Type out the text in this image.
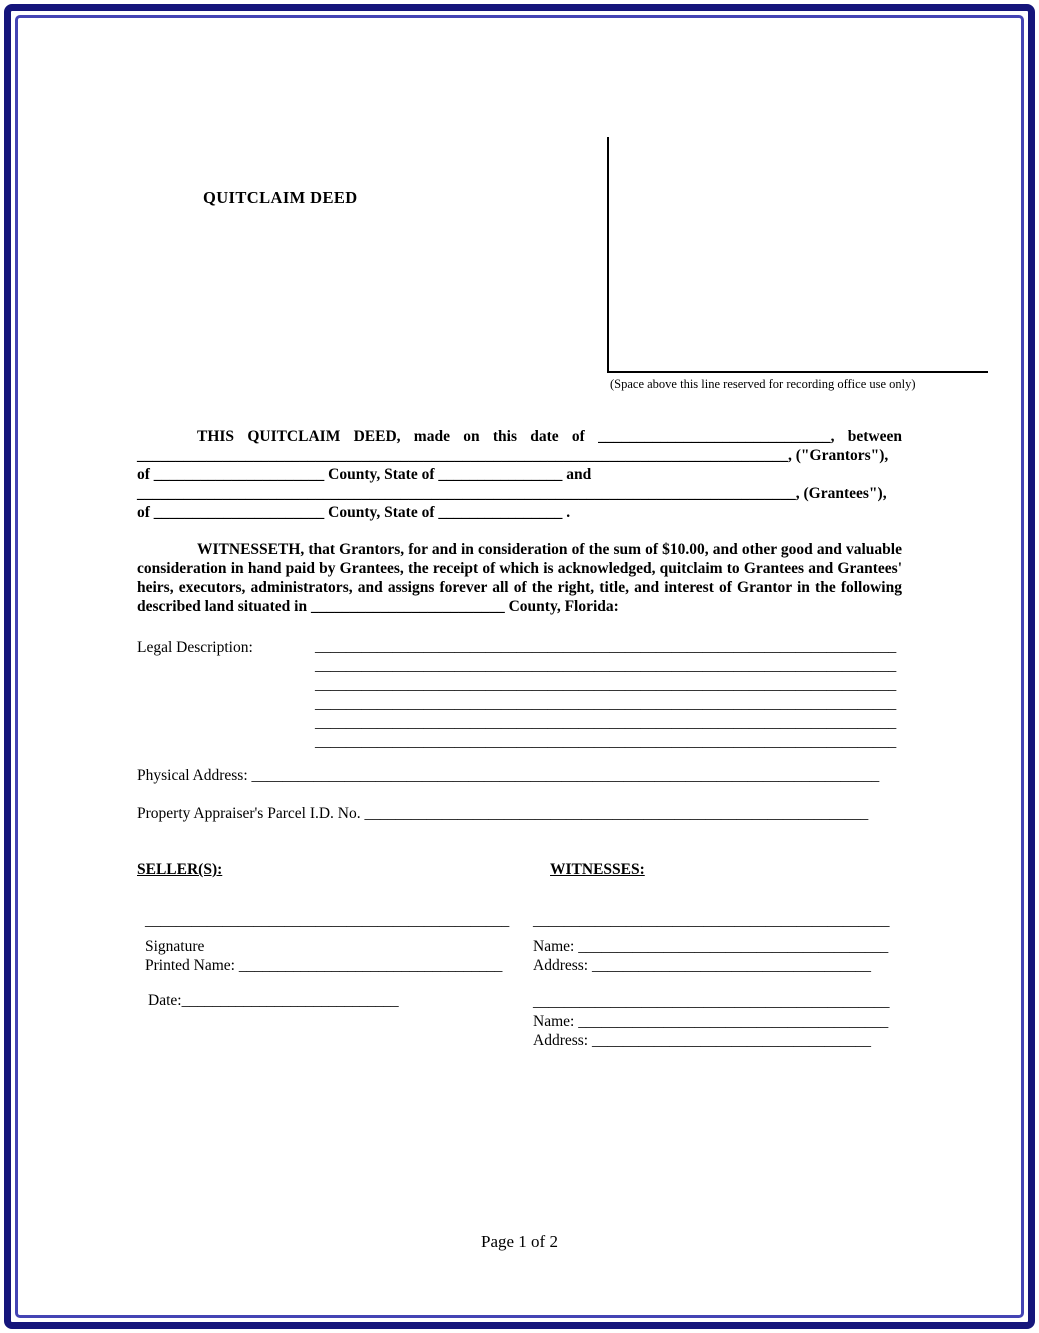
QUITCLAIM DEED
(Space above this line reserved for recording office use only)
THIS QUITCLAIM DEED, made on this date of ______________________________, between
____________________________________________________________________________________, ("Grantors"),
of ______________________ County, State of ________________ and
_____________________________________________________________________________________, (Grantees"),
of ______________________ County, State of ________________ .
WITNESSETH, that Grantors, for and in consideration of the sum of $10.00, and other good and valuable
consideration in hand paid by Grantees, the receipt of which is acknowledged, quitclaim to Grantees and Grantees'
heirs, executors, administrators, and assigns forever all of the right, title, and interest of Grantor in the following
described land situated in _________________________ County, Florida:
Legal Description:	___________________________________________________________________________
___________________________________________________________________________
___________________________________________________________________________
___________________________________________________________________________
___________________________________________________________________________
___________________________________________________________________________
Physical Address: _________________________________________________________________________________
Property Appraiser's Parcel I.D. No. _________________________________________________________________
SELLER(S):	WITNESSES:
_______________________________________________
Signature
Printed Name: __________________________________
Date:____________________________
______________________________________________
Name: ________________________________________
Address: ____________________________________
______________________________________________
Name: ________________________________________
Address: ____________________________________
Page 1 of 2
